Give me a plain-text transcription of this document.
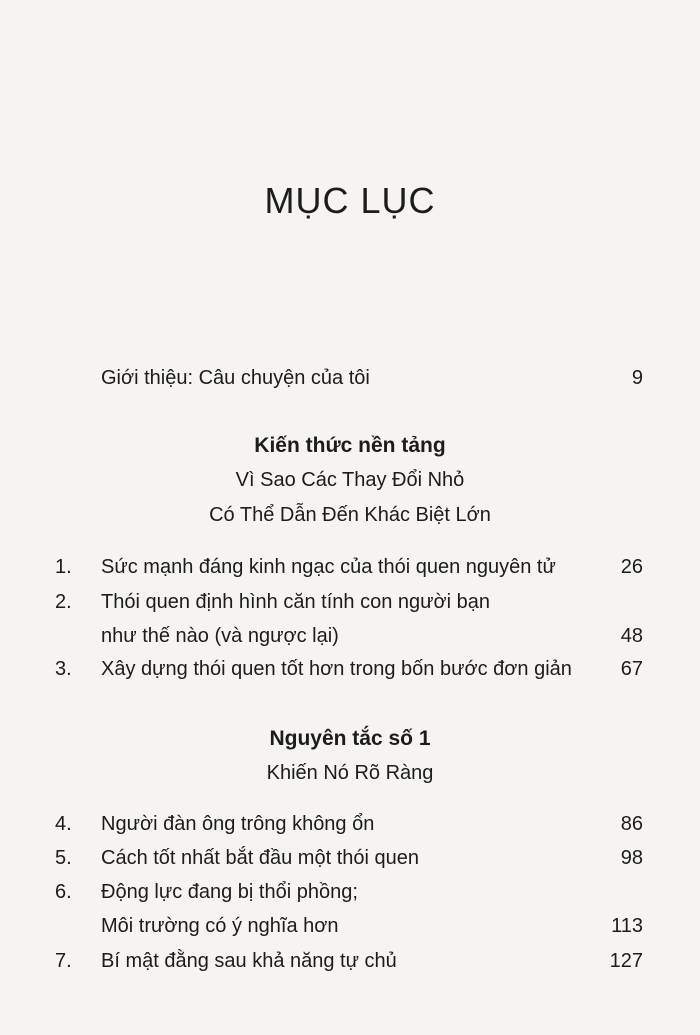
MỤC LỤC
Giới thiệu: Câu chuyện của tôi	9
Kiến thức nền tảng
Vì Sao Các Thay Đổi Nhỏ
Có Thể Dẫn Đến Khác Biệt Lớn
1.	Sức mạnh đáng kinh ngạc của thói quen nguyên tử	26
2.	Thói quen định hình căn tính con người bạn
như thế nào (và ngược lại)	48
3.	Xây dựng thói quen tốt hơn trong bốn bước đơn giản 67
Nguyên tắc số 1
Khiến Nó Rõ Ràng
4.	Người đàn ông trông không ổn	86
5.	Cách tốt nhất bắt đầu một thói quen	98
6.	Động lực đang bị thổi phồng;
Môi trường có ý nghĩa hơn	113
7.	Bí mật đằng sau khả năng tự chủ	127
